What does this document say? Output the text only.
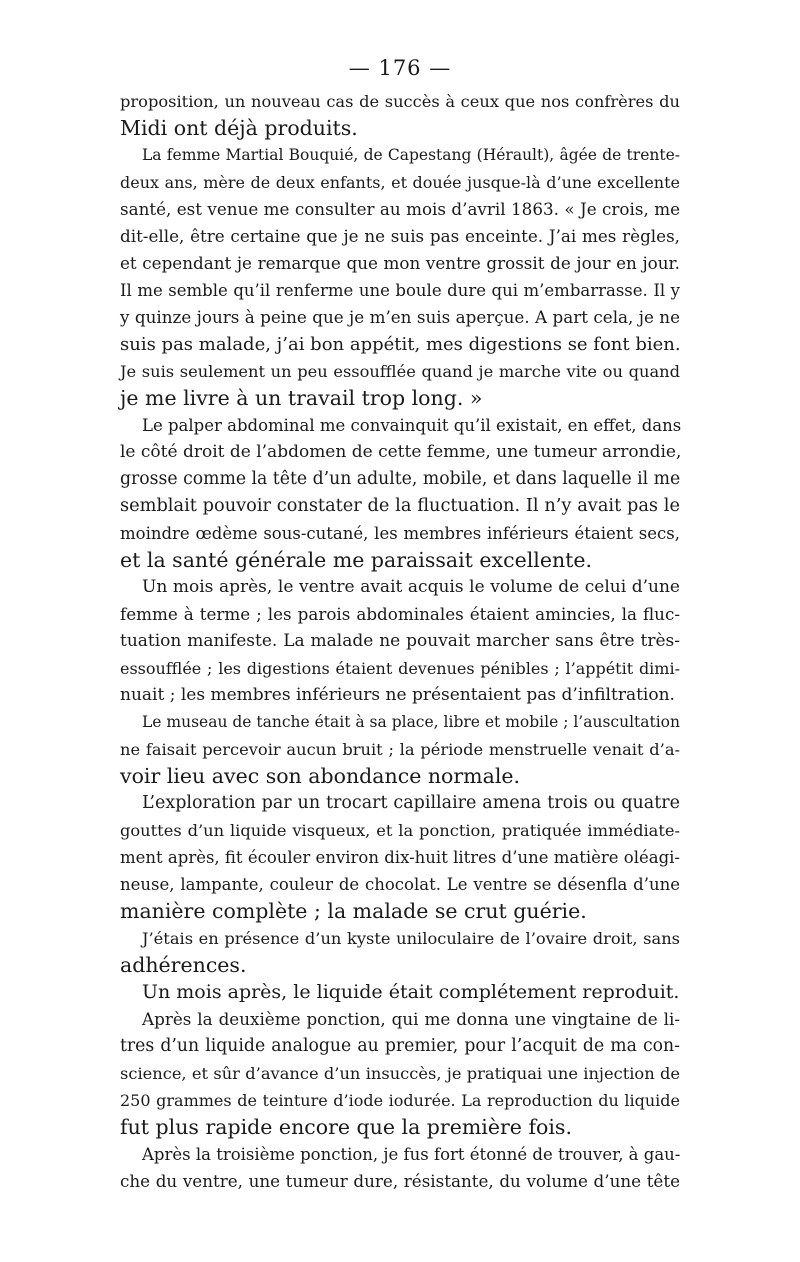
— 176 —
proposition, un nouveau cas de succès à ceux que nos confrères du
Midi ont déjà produits.
La femme Martial Bouquié, de Capestang (Hérault), âgée de trente-
deux ans, mère de deux enfants, et douée jusque-là d’une excellente
santé, est venue me consulter au mois d’avril 1863. « Je crois, me
dit-elle, être certaine que je ne suis pas enceinte. J’ai mes règles,
et cependant je remarque que mon ventre grossit de jour en jour.
Il me semble qu’il renferme une boule dure qui m’embarrasse. Il y
y quinze jours à peine que je m’en suis aperçue. A part cela, je ne
suis pas malade, j’ai bon appétit, mes digestions se font bien.
Je suis seulement un peu essoufflée quand je marche vite ou quand
je me livre à un travail trop long. »
Le palper abdominal me convainquit qu’il existait, en effet, dans
le côté droit de l’abdomen de cette femme, une tumeur arrondie,
grosse comme la tête d’un adulte, mobile, et dans laquelle il me
semblait pouvoir constater de la fluctuation. Il n’y avait pas le
moindre œdème sous-cutané, les membres inférieurs étaient secs,
et la santé générale me paraissait excellente.
Un mois après, le ventre avait acquis le volume de celui d’une
femme à terme ; les parois abdominales étaient amincies, la fluc-
tuation manifeste. La malade ne pouvait marcher sans être très-
essoufflée ; les digestions étaient devenues pénibles ; l’appétit dimi-
nuait ; les membres inférieurs ne présentaient pas d’infiltration.
Le museau de tanche était à sa place, libre et mobile ; l’auscultation
ne faisait percevoir aucun bruit ; la période menstruelle venait d’a-
voir lieu avec son abondance normale.
L’exploration par un trocart capillaire amena trois ou quatre
gouttes d’un liquide visqueux, et la ponction, pratiquée immédiate-
ment après, fit écouler environ dix-huit litres d’une matière oléagi-
neuse, lampante, couleur de chocolat. Le ventre se désenfla d’une
manière complète ; la malade se crut guérie.
J’étais en présence d’un kyste uniloculaire de l’ovaire droit, sans
adhérences.
Un mois après, le liquide était complétement reproduit.
Après la deuxième ponction, qui me donna une vingtaine de li-
tres d’un liquide analogue au premier, pour l’acquit de ma con-
science, et sûr d’avance d’un insuccès, je pratiquai une injection de
250 grammes de teinture d’iode iodurée. La reproduction du liquide
fut plus rapide encore que la première fois.
Après la troisième ponction, je fus fort étonné de trouver, à gau-
che du ventre, une tumeur dure, résistante, du volume d’une tête
